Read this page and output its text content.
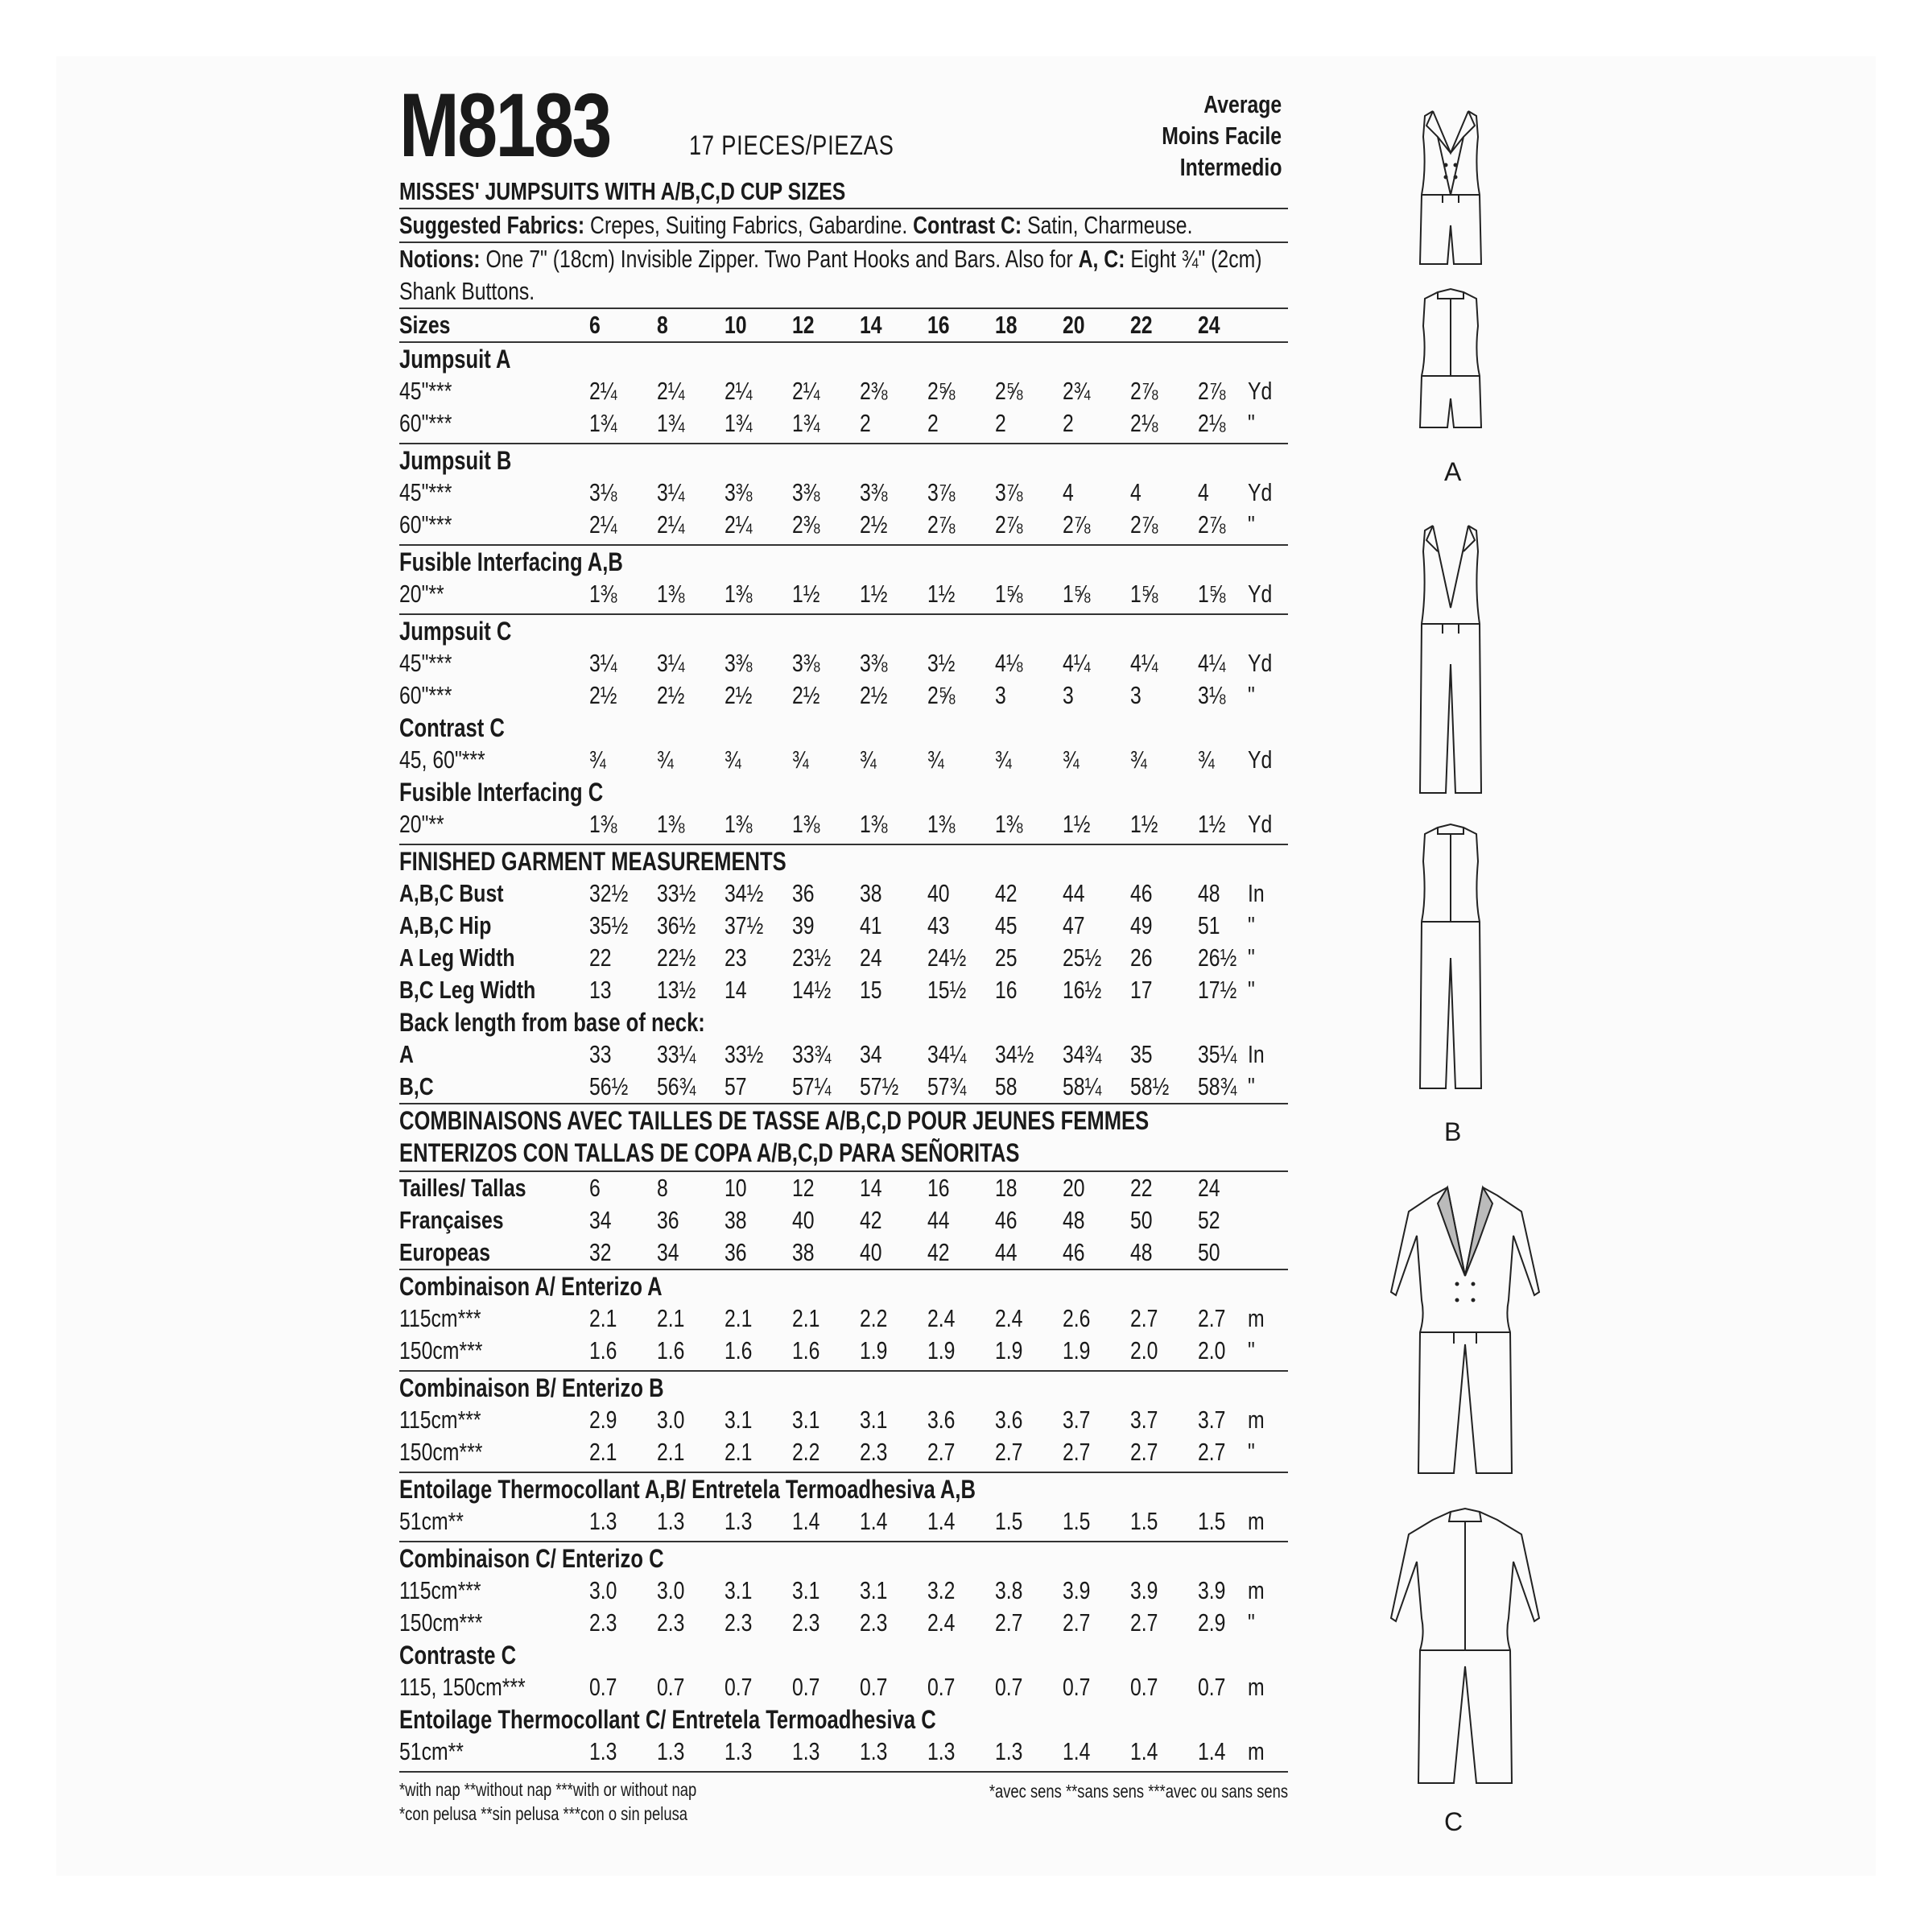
M8183	17 PIECES/PIEZAS
Average
Moins Facile
Intermedio
MISSES' JUMPSUITS WITH A/B,C,D CUP SIZES
Suggested Fabrics: Crepes, Suiting Fabrics, Gabardine. Contrast C: Satin, Charmeuse.
Notions: One 7" (18cm) Invisible Zipper. Two Pant Hooks and Bars. Also for A, C: Eight ¾" (2cm)
Shank Buttons.
Sizes	6 8 10 12 14 16 18 20 22 24
Jumpsuit A
45"***	2¼ 2¼ 2¼ 2¼ 2⅜ 2⅝ 2⅝ 2¾ 2⅞ 2⅞ Yd
60"***	1¾ 1¾ 1¾ 1¾ 2 2 2 2 2⅛ 2⅛ "
Jumpsuit B
45"***	3⅛ 3¼ 3⅜ 3⅜ 3⅜ 3⅞ 3⅞ 4 4 4 Yd
60"***	2¼ 2¼ 2¼ 2⅜ 2½ 2⅞ 2⅞ 2⅞ 2⅞ 2⅞ "
Fusible Interfacing A,B
20"**	1⅜ 1⅜ 1⅜ 1½ 1½ 1½ 1⅝ 1⅝ 1⅝ 1⅝ Yd
Jumpsuit C
45"***	3¼ 3¼ 3⅜ 3⅜ 3⅜ 3½ 4⅛ 4¼ 4¼ 4¼ Yd
60"***	2½ 2½ 2½ 2½ 2½ 2⅝ 3 3 3 3⅛ "
Contrast C
45, 60"***	¾ ¾ ¾ ¾ ¾ ¾ ¾ ¾ ¾ ¾ Yd
Fusible Interfacing C
20"**	1⅜ 1⅜ 1⅜ 1⅜ 1⅜ 1⅜ 1⅜ 1½ 1½ 1½ Yd
FINISHED GARMENT MEASUREMENTS
A,B,C Bust	32½ 33½ 34½ 36 38 40 42 44 46 48 In
A,B,C Hip	35½ 36½ 37½ 39 41 43 45 47 49 51 "
A Leg Width	22 22½ 23 23½ 24 24½ 25 25½ 26 26½ "
B,C Leg Width 13 13½ 14 14½ 15 15½ 16 16½ 17 17½ "
Back length from base of neck:
A	33 33¼ 33½ 33¾ 34 34¼ 34½ 34¾ 35 35¼ In
B,C	56½ 56¾ 57 57¼ 57½ 57¾ 58 58¼ 58½ 58¾ "
COMBINAISONS AVEC TAILLES DE TASSE A/B,C,D POUR JEUNES FEMMES
ENTERIZOS CON TALLAS DE COPA A/B,C,D PARA SEÑORITAS
Tailles/ Tallas	6 8 10 12 14 16 18 20 22 24
Françaises	34 36 38 40 42 44 46 48 50 52
Europeas	32 34 36 38 40 42 44 46 48 50
Combinaison A/ Enterizo A
115cm***	2.1 2.1 2.1 2.1 2.2 2.4 2.4 2.6 2.7 2.7 m
150cm***	1.6 1.6 1.6 1.6 1.9 1.9 1.9 1.9 2.0 2.0 "
Combinaison B/ Enterizo B
115cm***	2.9 3.0 3.1 3.1 3.1 3.6 3.6 3.7 3.7 3.7 m
150cm***	2.1 2.1 2.1 2.2 2.3 2.7 2.7 2.7 2.7 2.7 "
Entoilage Thermocollant A,B/ Entretela Termoadhesiva A,B
51cm**	1.3 1.3 1.3 1.4 1.4 1.4 1.5 1.5 1.5 1.5 m
Combinaison C/ Enterizo C
115cm***	3.0 3.0 3.1 3.1 3.1 3.2 3.8 3.9 3.9 3.9 m
150cm***	2.3 2.3 2.3 2.3 2.3 2.4 2.7 2.7 2.7 2.9 "
Contraste C
115, 150cm***	0.7 0.7 0.7 0.7 0.7 0.7 0.7 0.7 0.7 0.7 m
Entoilage Thermocollant C/ Entretela Termoadhesiva C
51cm**	1.3 1.3 1.3 1.3 1.3 1.3 1.3 1.4 1.4 1.4 m
*with nap **without nap ***with or without nap
*con pelusa **sin pelusa ***con o sin pelusa
*avec sens **sans sens ***avec ou sans sens
A
B
C
